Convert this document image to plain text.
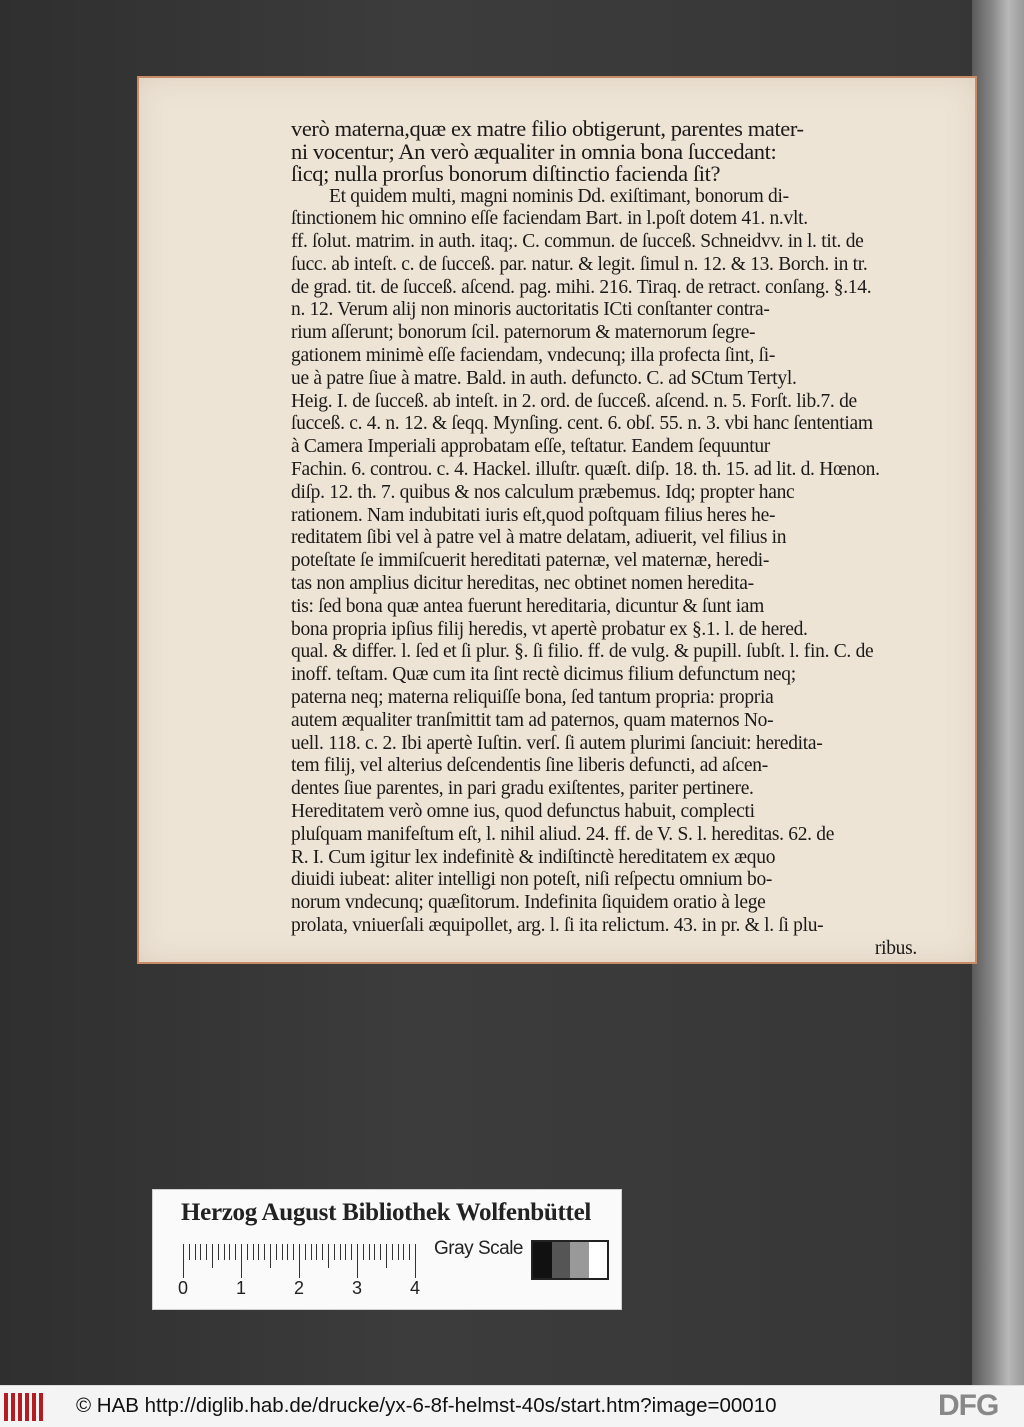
verò materna,quæ ex matre filio obtigerunt, parentes mater-
ni vocentur; An verò æqualiter in omnia bona ſuccedant:
ſicq; nulla prorſus bonorum diſtinctio facienda ſit?
Et quidem multi, magni nominis Dd. exiſtimant, bonorum di-
ſtinctionem hic omnino eſſe faciendam Bart. in l.poſt dotem 41. n.vlt.
ff. ſolut. matrim. in auth. itaq;. C. commun. de ſucceß. Schneidvv. in l. tit. de
ſucc. ab inteſt. c. de ſucceß. par. natur. & legit. ſimul n. 12. & 13. Borch. in tr.
de grad. tit. de ſucceß. aſcend. pag. mihi. 216. Tiraq. de retract. conſang. §.14.
n. 12. Verum alij non minoris auctoritatis ICti conſtanter contra-
rium aſſerunt; bonorum ſcil. paternorum & maternorum ſegre-
gationem minimè eſſe faciendam, vndecunq; illa profecta ſint, ſi-
ue à patre ſiue à matre. Bald. in auth. defuncto. C. ad SCtum Tertyl.
Heig. I. de ſucceß. ab inteſt. in 2. ord. de ſucceß. aſcend. n. 5. Forſt. lib.7. de
ſucceß. c. 4. n. 12. & ſeqq. Mynſing. cent. 6. obſ. 55. n. 3. vbi hanc ſententiam
à Camera Imperiali approbatam eſſe, teſtatur. Eandem ſequuntur
Fachin. 6. controu. c. 4. Hackel. illuſtr. quæſt. diſp. 18. th. 15. ad lit. d. Hœnon.
diſp. 12. th. 7. quibus & nos calculum præbemus. Idq; propter hanc
rationem. Nam indubitati iuris eſt,quod poſtquam filius heres he-
reditatem ſibi vel à patre vel à matre delatam, adiuerit, vel filius in
poteſtate ſe immiſcuerit hereditati paternæ, vel maternæ, heredi-
tas non amplius dicitur hereditas, nec obtinet nomen heredita-
tis: ſed bona quæ antea fuerunt hereditaria, dicuntur & ſunt iam
bona propria ipſius filij heredis, vt apertè probatur ex §.1. l. de hered.
qual. & differ. l. ſed et ſi plur. §. ſi filio. ff. de vulg. & pupill. ſubſt. l. fin. C. de
inoff. teſtam. Quæ cum ita ſint rectè dicimus filium defunctum neq;
paterna neq; materna reliquiſſe bona, ſed tantum propria: propria
autem æqualiter tranſmittit tam ad paternos, quam maternos No-
uell. 118. c. 2. Ibi apertè Iuſtin. verſ. ſi autem plurimi ſanciuit: heredita-
tem filij, vel alterius deſcendentis ſine liberis defuncti, ad aſcen-
dentes ſiue parentes, in pari gradu exiſtentes, pariter pertinere.
Hereditatem verò omne ius, quod defunctus habuit, complecti
pluſquam manifeſtum eſt, l. nihil aliud. 24. ff. de V. S. l. hereditas. 62. de
R. I. Cum igitur lex indefinitè & indiſtinctè hereditatem ex æquo
diuidi iubeat: aliter intelligi non poteſt, niſi reſpectu omnium bo-
norum vndecunq; quæſitorum. Indefinita ſiquidem oratio à lege
prolata, vniuerſali æquipollet, arg. l. ſi ita relictum. 43. in pr. & l. ſi plu-
ribus.
Herzog August Bibliothek Wolfenbüttel
0	1	2	3	4
Gray Scale
© HAB http://diglib.hab.de/drucke/yx-6-8f-helmst-40s/start.htm?image=00010	DFG
